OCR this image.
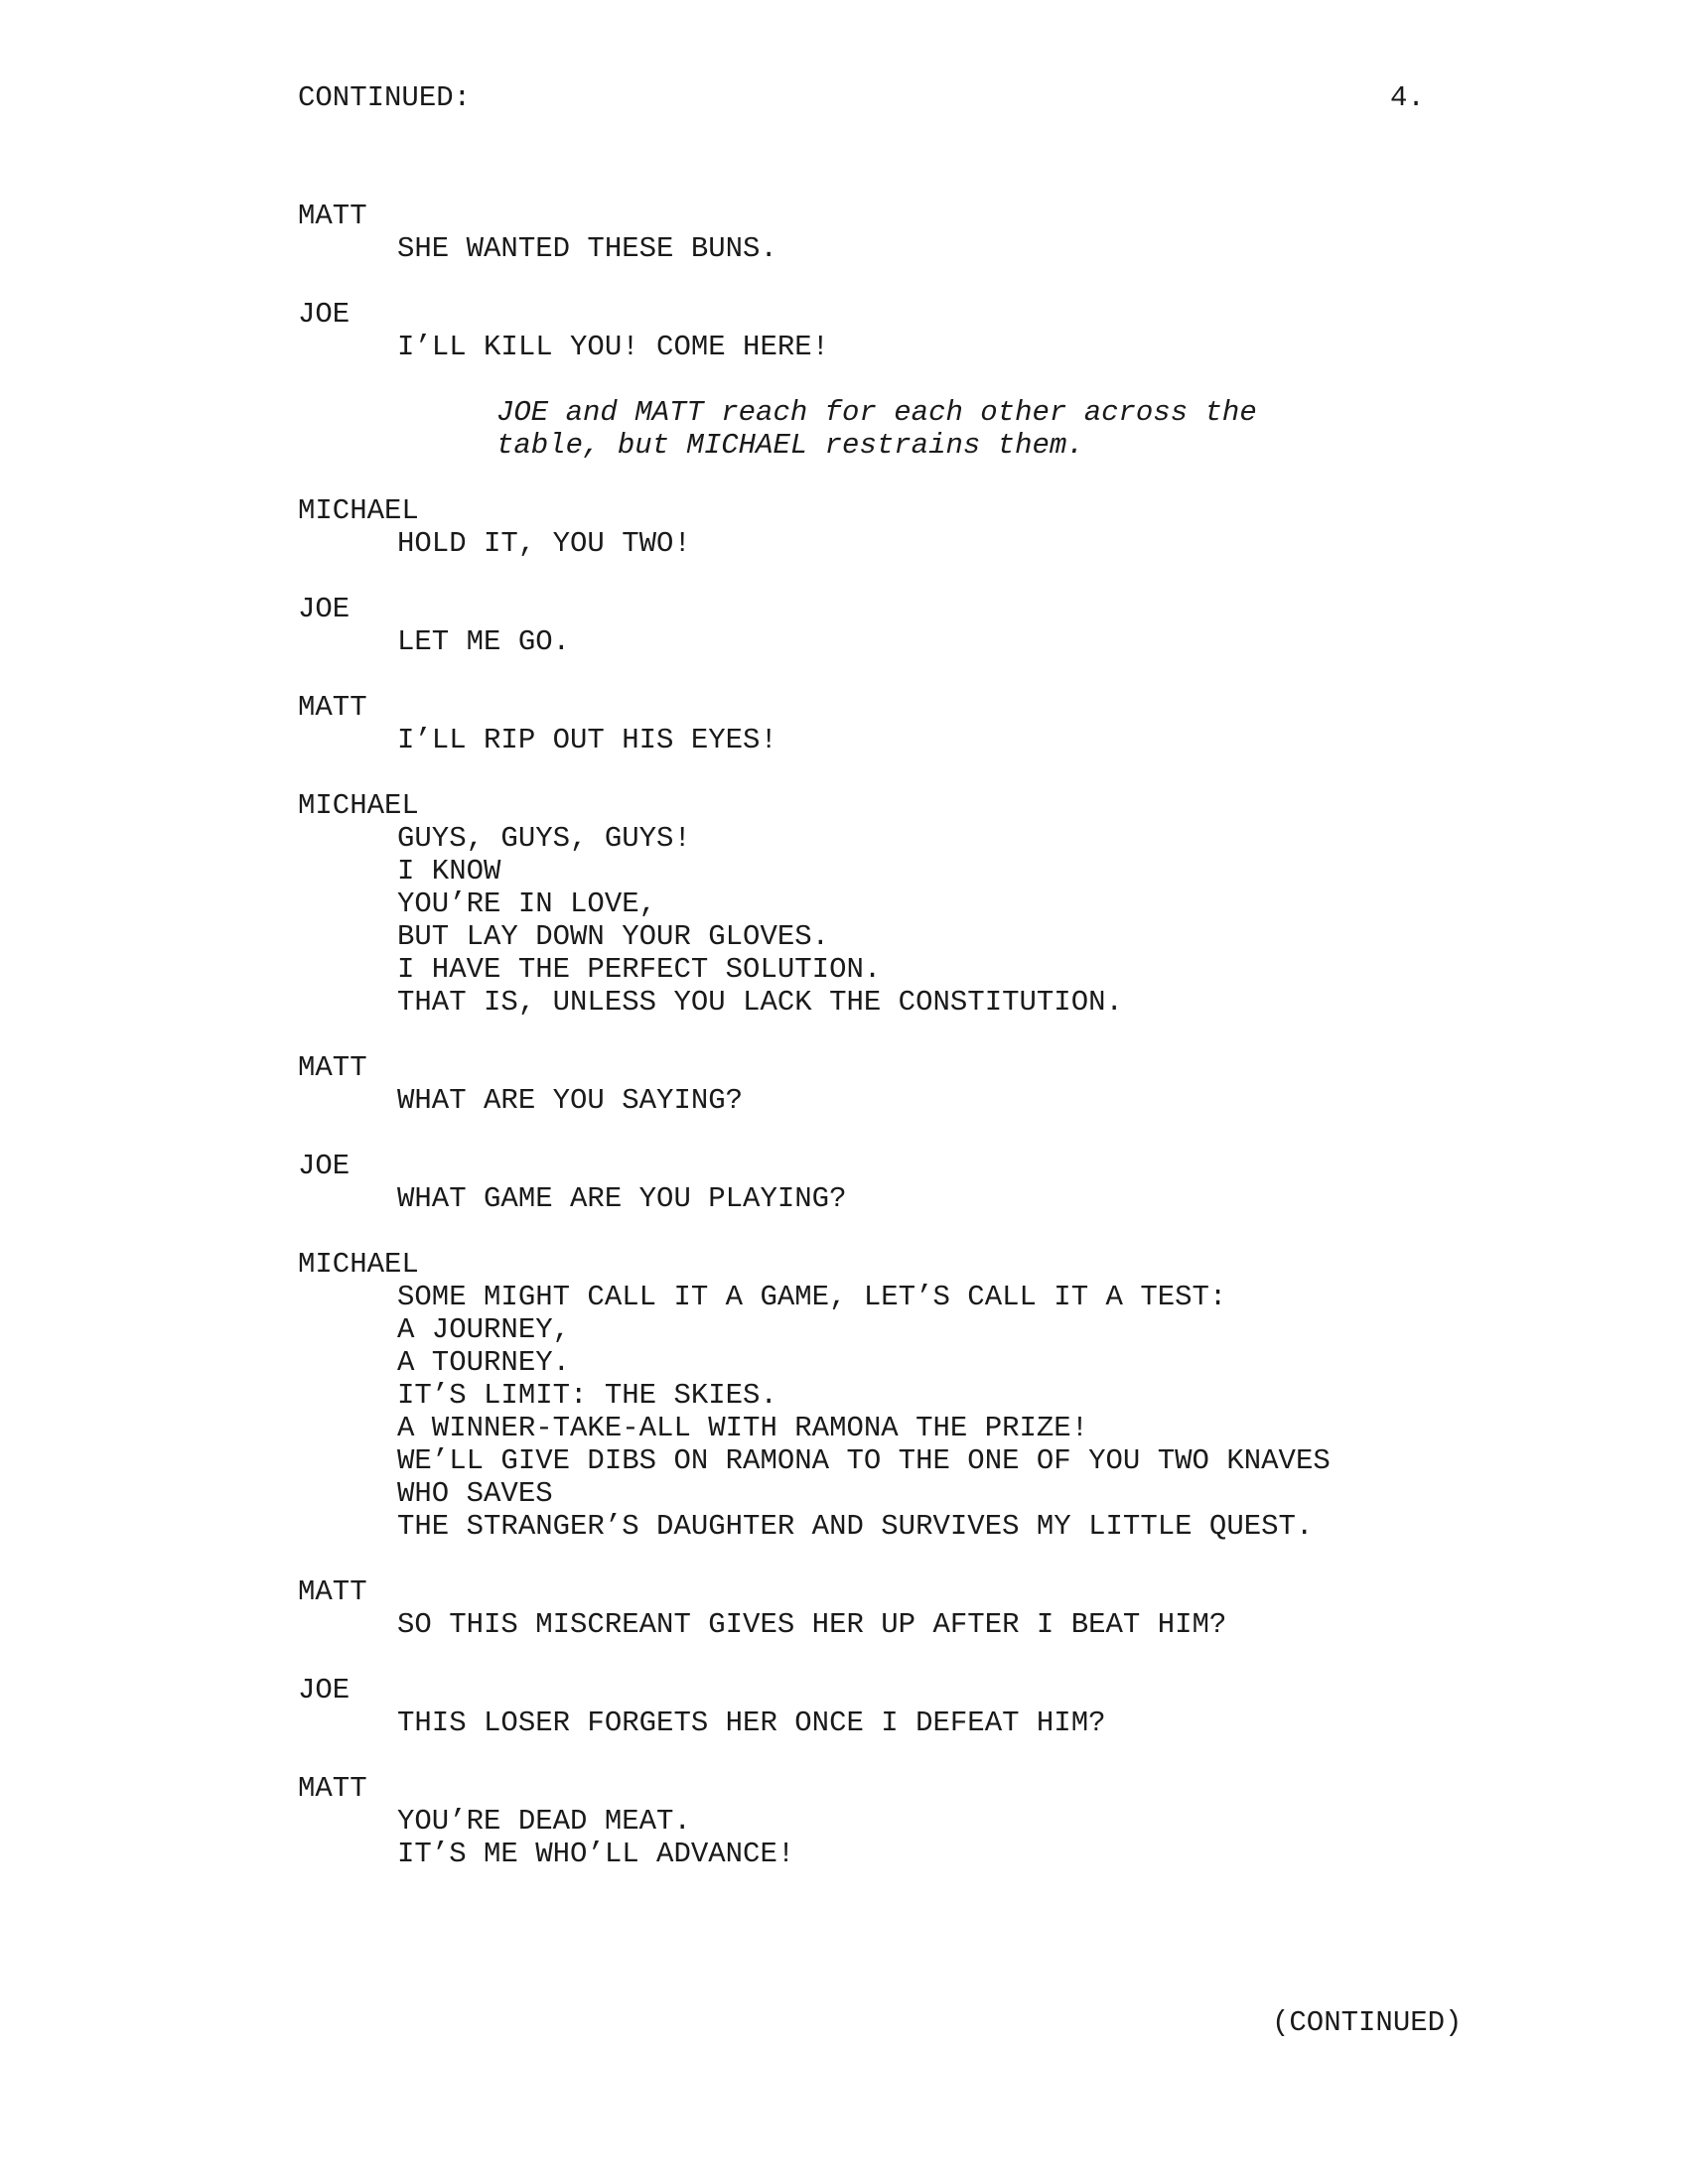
CONTINUED:	4.
MATT
SHE WANTED THESE BUNS.
JOE
I’LL KILL YOU! COME HERE!
JOE and MATT reach for each other across the
table, but MICHAEL restrains them.
MICHAEL
HOLD IT, YOU TWO!
JOE
LET ME GO.
MATT
I’LL RIP OUT HIS EYES!
MICHAEL
GUYS, GUYS, GUYS!
I KNOW
YOU’RE IN LOVE,
BUT LAY DOWN YOUR GLOVES.
I HAVE THE PERFECT SOLUTION.
THAT IS, UNLESS YOU LACK THE CONSTITUTION.
MATT
WHAT ARE YOU SAYING?
JOE
WHAT GAME ARE YOU PLAYING?
MICHAEL
SOME MIGHT CALL IT A GAME, LET’S CALL IT A TEST:
A JOURNEY,
A TOURNEY.
IT’S LIMIT: THE SKIES.
A WINNER-TAKE-ALL WITH RAMONA THE PRIZE!
WE’LL GIVE DIBS ON RAMONA TO THE ONE OF YOU TWO KNAVES
WHO SAVES
THE STRANGER’S DAUGHTER AND SURVIVES MY LITTLE QUEST.
MATT
SO THIS MISCREANT GIVES HER UP AFTER I BEAT HIM?
JOE
THIS LOSER FORGETS HER ONCE I DEFEAT HIM?
MATT
YOU’RE DEAD MEAT.
IT’S ME WHO’LL ADVANCE!
(CONTINUED)
